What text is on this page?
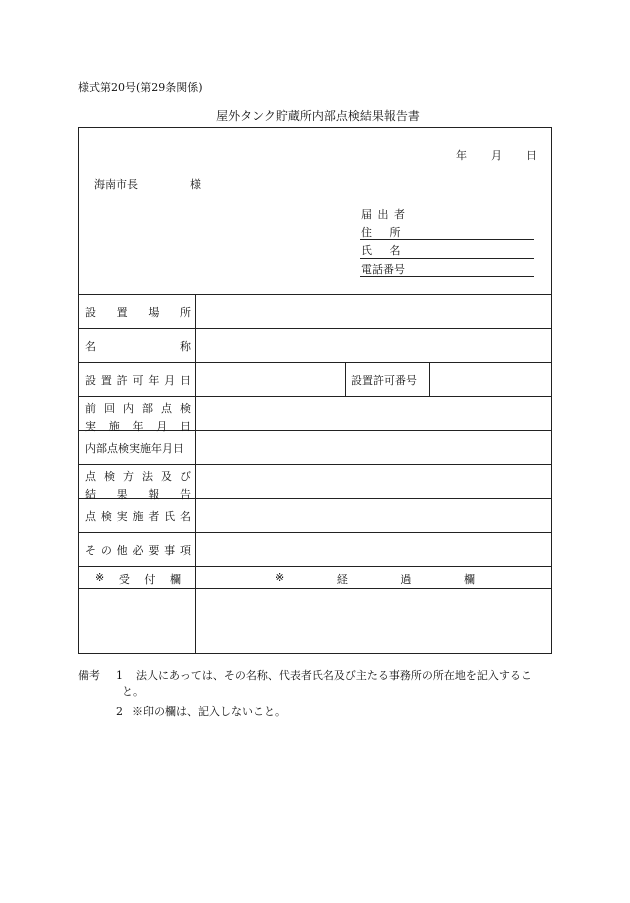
様式第20号(第29条関係)
屋外タンク貯蔵所内部点検結果報告書
年 月 日
海南市長	様
届 出 者
住 所
氏 名
電話番号
設 置 場 所
名	称
設 置 許 可 年 月 日	設置許可番号
前 回 内 部 点 検
実 施 年 月 日
内部点検実施年月日
点 検 方 法 及 び
結 果 報 告
点 検 実 施 者 氏 名
そ の 他 必 要 事 項
※ 受 付 欄	※	経	過	欄
備考 1 法人にあっては、その名称、代表者氏名及び主たる事務所の所在地を記入するこ
と。

2 ※印の欄は、記入しないこと。
